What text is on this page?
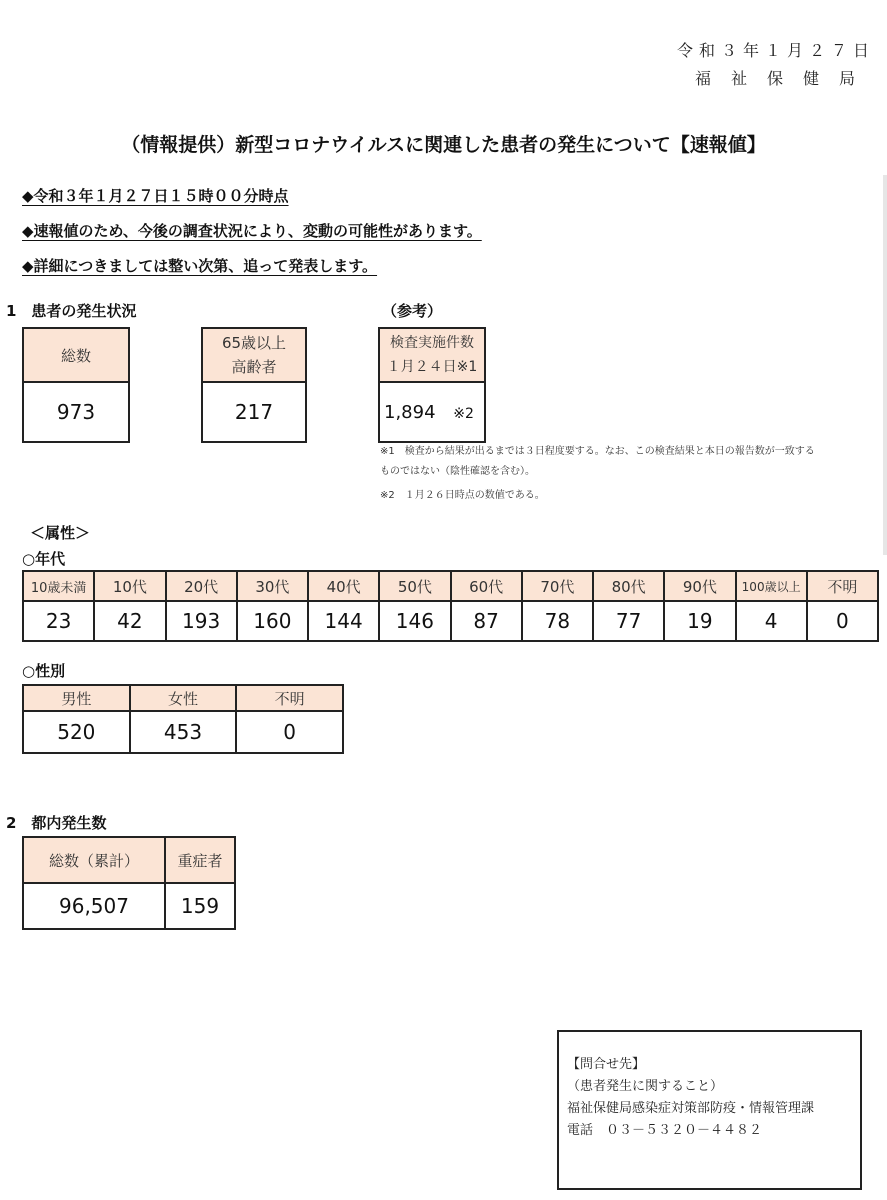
令和３年１月２７日
福祉保健局
（情報提供）新型コロナウイルスに関連した患者の発生について【速報値】
◆令和３年１月２７日１５時００分時点
◆速報値のため、今後の調査状況により、変動の可能性があります。
◆詳細につきましては整い次第、追って発表します。
1　患者の発生状況	（参考）
総数
973
65歳以上
高齢者

217
検査実施件数
１月２４日※1

1,894 ※2
※1　検査から結果が出るまでは３日程度要する。なお、この検査結果と本日の報告数が一致する
ものではない（陰性確認を含む）。
※2　１月２６日時点の数値である。
＜属性＞
○年代
10歳未満	10代	20代	30代	40代	50代	60代	70代	80代	90代	100歳以上	不明
23	42	193	160	144	146	87	78	77	19	4	0
○性別
男性	女性	不明
520	453	0
2　都内発生数
総数（累計）	重症者
96,507	159
【問合せ先】
（患者発生に関すること）
福祉保健局感染症対策部防疫・情報管理課
電話　０３－５３２０－４４８２
